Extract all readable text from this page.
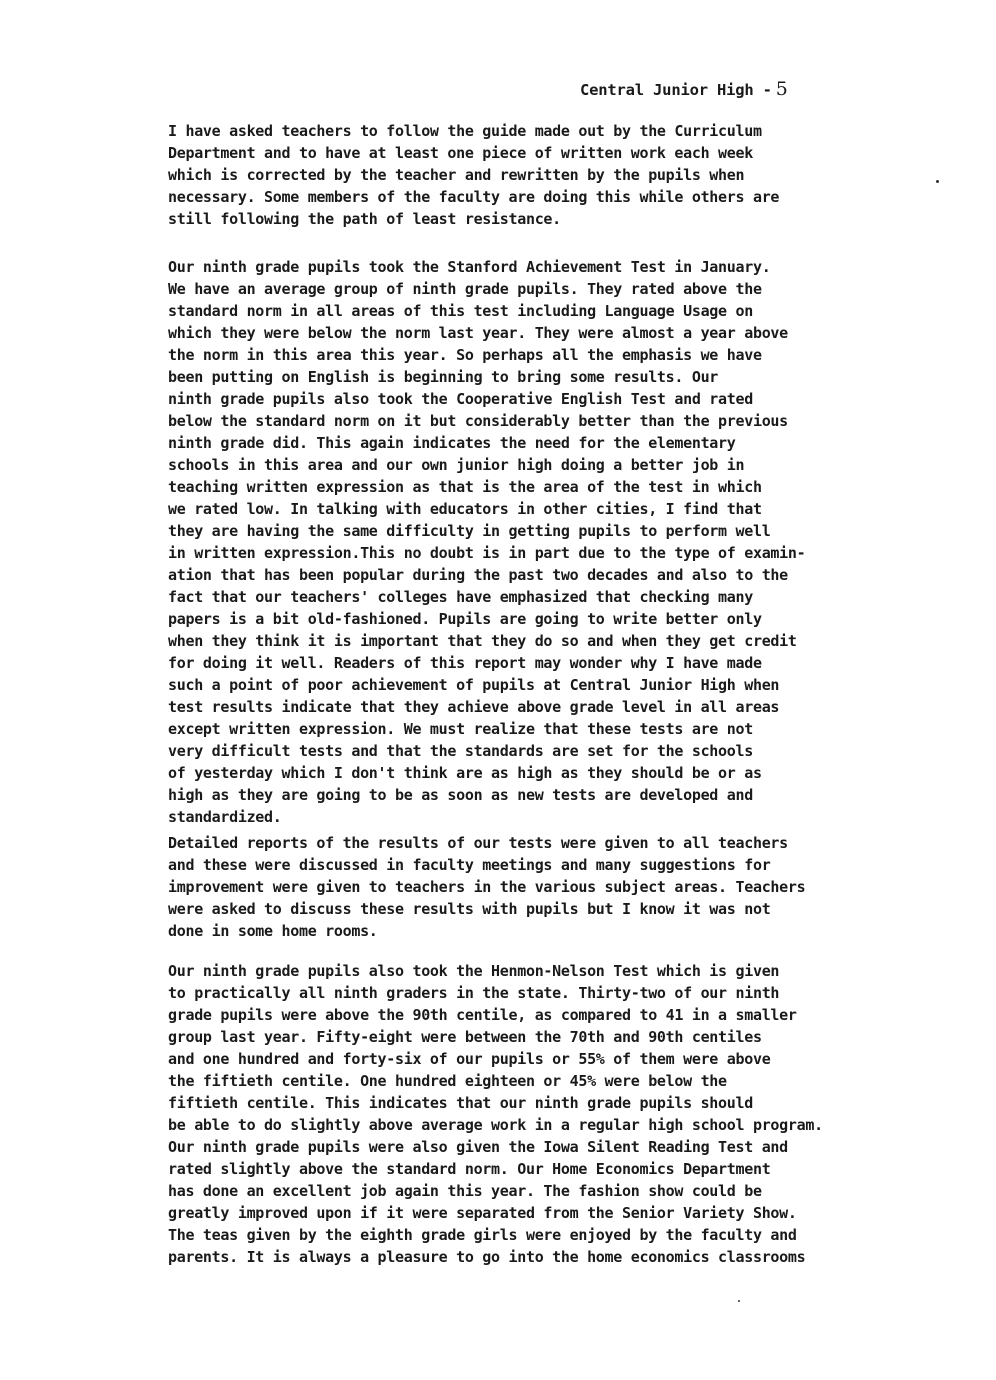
Central Junior High - 5
I have asked teachers to follow the guide made out by the Curriculum
Department and to have at least one piece of written work each week
which is corrected by the teacher and rewritten by the pupils when
necessary. Some members of the faculty are doing this while others are
still following the path of least resistance.
Our ninth grade pupils took the Stanford Achievement Test in January.
We have an average group of ninth grade pupils. They rated above the
standard norm in all areas of this test including Language Usage on
which they were below the norm last year. They were almost a year above
the norm in this area this year. So perhaps all the emphasis we have
been putting on English is beginning to bring some results. Our
ninth grade pupils also took the Cooperative English Test and rated
below the standard norm on it but considerably better than the previous
ninth grade did. This again indicates the need for the elementary
schools in this area and our own junior high doing a better job in
teaching written expression as that is the area of the test in which
we rated low. In talking with educators in other cities, I find that
they are having the same difficulty in getting pupils to perform well
in written expression.This no doubt is in part due to the type of examin-
ation that has been popular during the past two decades and also to the
fact that our teachers' colleges have emphasized that checking many
papers is a bit old-fashioned. Pupils are going to write better only
when they think it is important that they do so and when they get credit
for doing it well. Readers of this report may wonder why I have made
such a point of poor achievement of pupils at Central Junior High when
test results indicate that they achieve above grade level in all areas
except written expression. We must realize that these tests are not
very difficult tests and that the standards are set for the schools
of yesterday which I don't think are as high as they should be or as
high as they are going to be as soon as new tests are developed and
standardized.
Detailed reports of the results of our tests were given to all teachers
and these were discussed in faculty meetings and many suggestions for
improvement were given to teachers in the various subject areas. Teachers
were asked to discuss these results with pupils but I know it was not
done in some home rooms.
Our ninth grade pupils also took the Henmon-Nelson Test which is given
to practically all ninth graders in the state. Thirty-two of our ninth
grade pupils were above the 90th centile, as compared to 41 in a smaller
group last year. Fifty-eight were between the 70th and 90th centiles
and one hundred and forty-six of our pupils or 55% of them were above
the fiftieth centile. One hundred eighteen or 45% were below the
fiftieth centile. This indicates that our ninth grade pupils should
be able to do slightly above average work in a regular high school program.
Our ninth grade pupils were also given the Iowa Silent Reading Test and
rated slightly above the standard norm. Our Home Economics Department
has done an excellent job again this year. The fashion show could be
greatly improved upon if it were separated from the Senior Variety Show.
The teas given by the eighth grade girls were enjoyed by the faculty and
parents. It is always a pleasure to go into the home economics classrooms
